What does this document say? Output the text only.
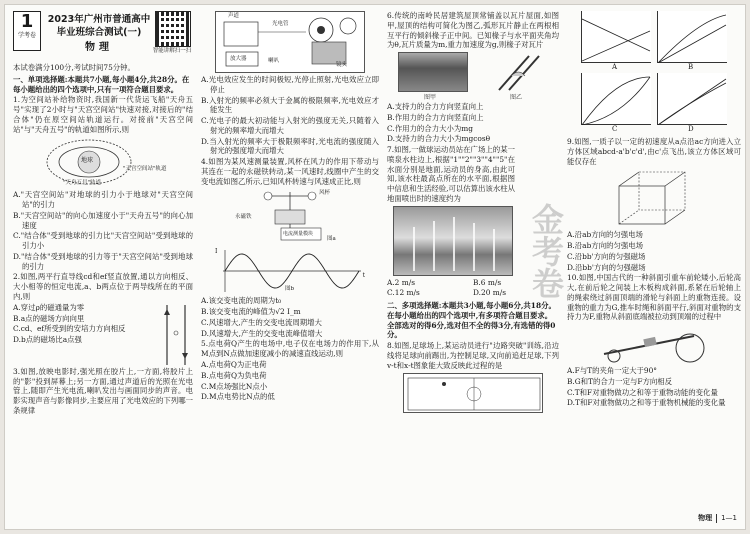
1
学考卷
2023年广州市普通高中
毕业班综合测试(一)
物理	智能讲解扫一扫
本试卷满分100分,考试时间75分钟。
一、单项选择题:本题共7小题,每小题4分,共28分。在每小题给出的四个选项中,只有一项符合题目要求。
1.为空间站补给物资时,我国新一代货运飞船"天舟五号"实现了2小时与"天宫空间站"快速对接,对接后的"结合体"仍在原空间站轨道运行。对接前"天宫空间站"与"天舟五号"的轨道如图所示,则
地球
"天宫空间站"轨道
"天舟五号"轨道
A."天宫空间站"对地球的引力小于地球对"天宫空间站"的引力
B."天宫空间站"的向心加速度小于"天舟五号"的向心加速度
C."结合体"受到地球的引力比"天宫空间站"受到地球的引力小
D."结合体"受到地球的引力等于"天宫空间站"受到地球的引力
2.如图,两平行直导线cd和ef竖直放置,通以方向相反、大小相等的恒定电流,a、b两点位于两导线所在的平面内,则
A.穿过ρ的磁通量为零
B.a点的磁场方向向里
C.cd、ef所受到的安培力方向相反
D.b点的磁场比a点强
3.如图,放映电影时,强光照在胶片上,一方面,将胶片上的"影"投到屏幕上;另一方面,通过声道后的光照在光电管上,随即产生光电流,喇叭发出与画面同步的声音。电影实现声音与影像同步,主要应用了光电效应的下列哪一条规律
声道
光电管
放大器	喇叭
镜头
A.光电效应发生的时间极短,光停止照射,光电效应立即停止
B.入射光的频率必须大于金属的极限频率,光电效应才能发生
C.光电子的最大初动能与入射光的强度无关,只随着入射光的频率增大而增大
D.当入射光的频率大于极限频率时,光电流的强度随入射光的强度增大而增大
4.如图为某风速测量装置,风杯在风力的作用下带动与其连在一起的永磁铁转动,某一风速时,线圈中产生的交变电流如图乙所示,已知风杯转速与风速成正比,则
风杯
永磁铁
电流测量模块
图a
I
t
图b
A.该交变电流的周期为t₀
B.该交变电流的峰值为√2 I_m
C.风速增大,产生的交变电流周期增大
D.风速增大,产生的交变电流峰值增大
5.点电荷Q产生的电场中,电子仅在电场力的作用下,从M点到N点做加速度减小的减速直线运动,则
A.点电荷Q为正电荷
B.点电荷Q为负电荷
C.M点场强比N点小
D.M点电势比N点的低
6.传统的南岭民居建筑屋顶常铺盖以瓦片屋面,如图甲,屋顶的结构可简化为图乙,弧形瓦片静止在两根相互平行的倾斜椽子正中间。已知椽子与水平面夹角均为θ,瓦片质量为m,重力加速度为g,则椽子对瓦片
图甲	图乙
A.支持力的合力方向竖直向上
B.作用力的合力方向竖直向上
C.作用力的合力大小为mg
D.支持力的合力大小为mgcosθ
7.如图,一做球运动员站在广场上的某一喷泉水柱边上,根据"1""2""3""4""5"在水面分别是地面,运动员的身高,由此可知,该水柱最高点所在的水平面,根据图中信息和生活经验,可以估算出该水柱从地面喷出时的速度约为
A.2 m/s	B.6 m/s
C.12 m/s	D.20 m/s
二、多项选择题:本题共3小题,每小题6分,共18分。在每小题给出的四个选项中,有多项符合题目要求。全部选对的得6分,选对但不全的得3分,有选错的得0分。
8.如图,足球场上,某运动员进行"边路突破"训练,沿边线将足球向前踢出,为控制足球,又向前追赶足球,下列v-t和x-t图象能大致反映此过程的是
金考卷
A	B
C	D
9.如图,一质子以一定的初速度从a点沿ac方向进入立方体区域abcd-a'b'c'd',由c'点飞出,该立方体区域可能仅存在
A.沿ab方向的匀强电场
B.沿ab方向的匀强电场
C.沿bb'方向的匀强磁场
D.沿bb'方向的匀强磁场
10.如图,中国古代的一种斜面引重车前轮矮小,后轮高大,在前后轮之间装上木板构成斜面,系紧在后轮轴上的绳索绕过斜面顶端的滑轮与斜面上的重物连接。设重物的重力为G,推车时绳和斜面平行,斜面对重物的支持力为F,重物从斜面底端被拉动到顶端的过程中
A.F与T的夹角一定大于90°
B.G和T的合力一定与F方向相反
C.T和F对重物做功之和等于重物动能的变化量
D.T和F对重物做功之和等于重物机械能的变化量
物理 1—1
